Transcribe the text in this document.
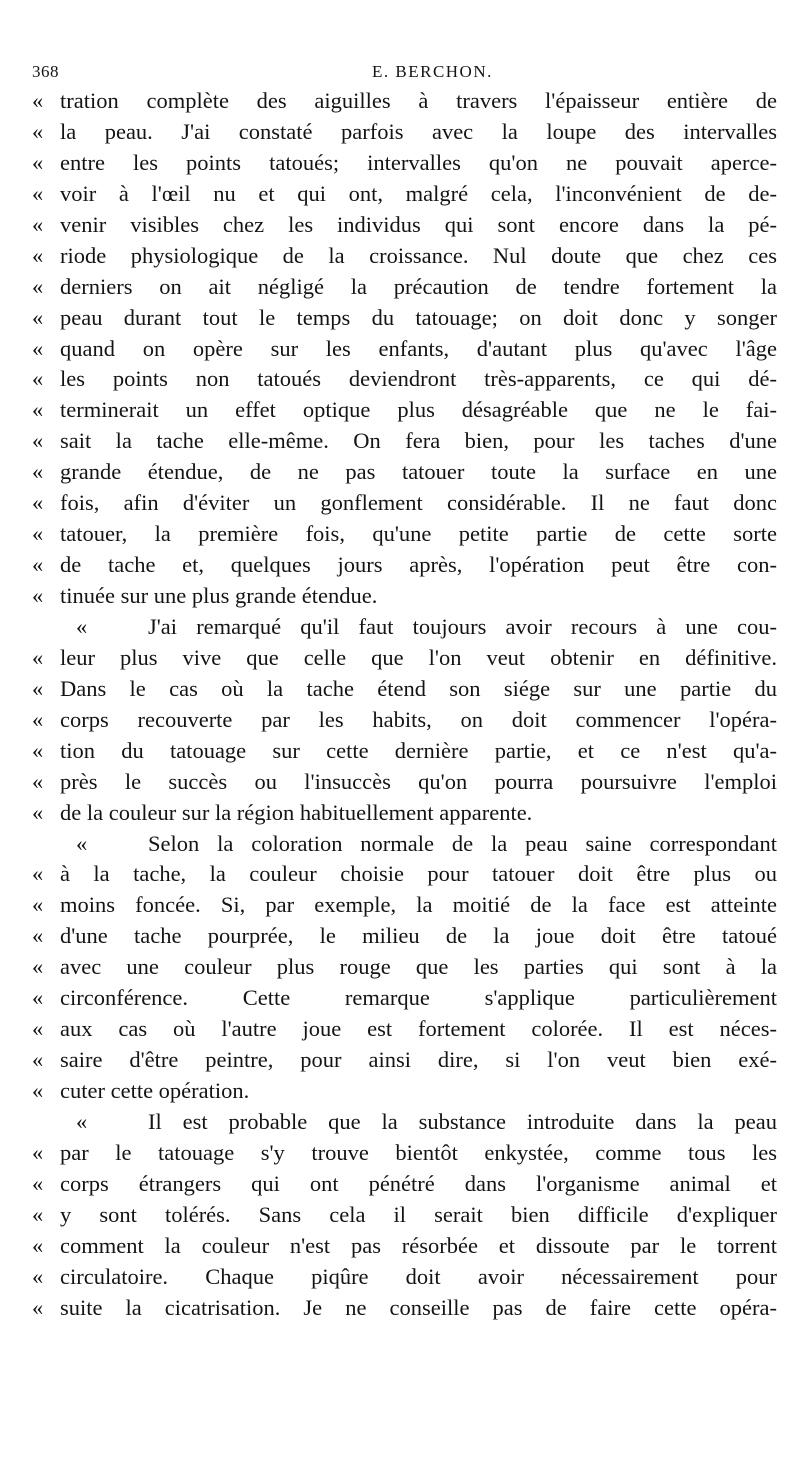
368	E. BERCHON.
« tration complète des aiguilles à travers l'épaisseur entière de
« la peau. J'ai constaté parfois avec la loupe des intervalles
« entre les points tatoués; intervalles qu'on ne pouvait aperce-
« voir à l'œil nu et qui ont, malgré cela, l'inconvénient de de-
« venir visibles chez les individus qui sont encore dans la pé-
« riode physiologique de la croissance. Nul doute que chez ces
« derniers on ait négligé la précaution de tendre fortement la
« peau durant tout le temps du tatouage; on doit donc y songer
« quand on opère sur les enfants, d'autant plus qu'avec l'âge
« les points non tatoués deviendront très-apparents, ce qui dé-
« terminerait un effet optique plus désagréable que ne le fai-
« sait la tache elle-même. On fera bien, pour les taches d'une
« grande étendue, de ne pas tatouer toute la surface en une
« fois, afin d'éviter un gonflement considérable. Il ne faut donc
« tatouer, la première fois, qu'une petite partie de cette sorte
« de tache et, quelques jours après, l'opération peut être con-
« tinuée sur une plus grande étendue.
«	J'ai remarqué qu'il faut toujours avoir recours à une cou-
« leur plus vive que celle que l'on veut obtenir en définitive.
« Dans le cas où la tache étend son siége sur une partie du
« corps recouverte par les habits, on doit commencer l'opéra-
« tion du tatouage sur cette dernière partie, et ce n'est qu'a-
« près le succès ou l'insuccès qu'on pourra poursuivre l'emploi
« de la couleur sur la région habituellement apparente.
«	Selon la coloration normale de la peau saine correspondant
« à la tache, la couleur choisie pour tatouer doit être plus ou
« moins foncée. Si, par exemple, la moitié de la face est atteinte
« d'une tache pourprée, le milieu de la joue doit être tatoué
« avec une couleur plus rouge que les parties qui sont à la
« circonférence. Cette remarque s'applique particulièrement
« aux cas où l'autre joue est fortement colorée. Il est néces-
« saire d'être peintre, pour ainsi dire, si l'on veut bien exé-
« cuter cette opération.
«	Il est probable que la substance introduite dans la peau
« par le tatouage s'y trouve bientôt enkystée, comme tous les
« corps étrangers qui ont pénétré dans l'organisme animal et
« y sont tolérés. Sans cela il serait bien difficile d'expliquer
« comment la couleur n'est pas résorbée et dissoute par le torrent
« circulatoire. Chaque piqûre doit avoir nécessairement pour
« suite la cicatrisation. Je ne conseille pas de faire cette opéra-
